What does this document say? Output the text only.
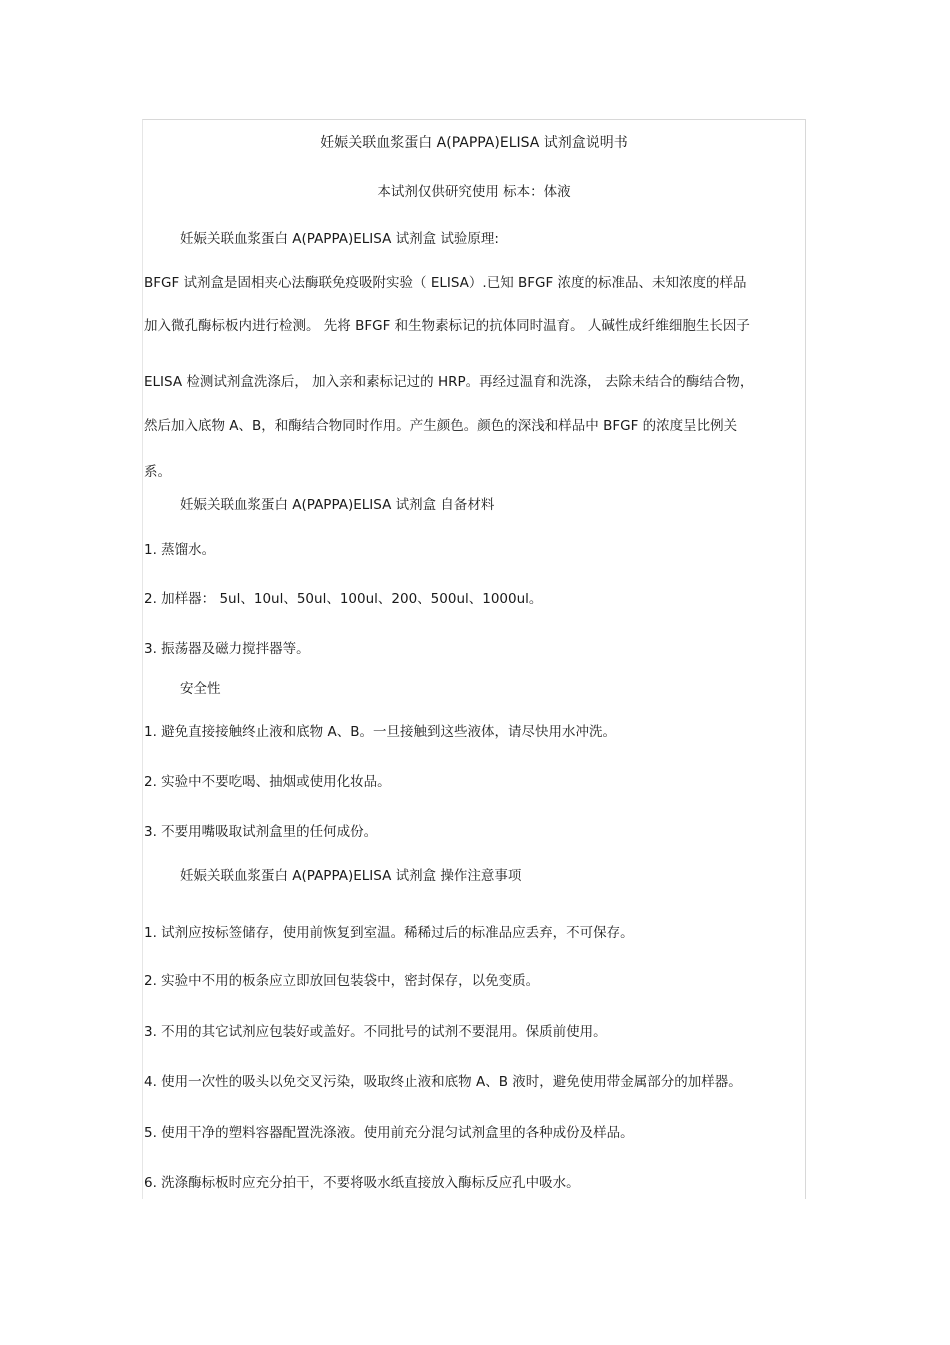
妊娠关联血浆蛋白 A(PAPPA)ELISA 试剂盒说明书
本试剂仅供研究使用 标本：体液
妊娠关联血浆蛋白 A(PAPPA)ELISA 试剂盒 试验原理:
BFGF 试剂盒是固相夹心法酶联免疫吸附实验（ ELISA）.已知 BFGF 浓度的标准品、未知浓度的样品
加入微孔酶标板内进行检测。 先将 BFGF 和生物素标记的抗体同时温育。 人碱性成纤维细胞生长因子
ELISA 检测试剂盒洗涤后， 加入亲和素标记过的 HRP。再经过温育和洗涤， 去除未结合的酶结合物，
然后加入底物 A、B，和酶结合物同时作用。产生颜色。颜色的深浅和样品中 BFGF 的浓度呈比例关
系。
妊娠关联血浆蛋白 A(PAPPA)ELISA 试剂盒 自备材料
1. 蒸馏水。
2. 加样器： 5ul、10ul、50ul、100ul、200、500ul、1000ul。
3. 振荡器及磁力搅拌器等。
安全性
1. 避免直接接触终止液和底物 A、B。一旦接触到这些液体，请尽快用水冲洗。
2. 实验中不要吃喝、抽烟或使用化妆品。
3. 不要用嘴吸取试剂盒里的任何成份。
妊娠关联血浆蛋白 A(PAPPA)ELISA 试剂盒 操作注意事项
1. 试剂应按标签储存，使用前恢复到室温。稀稀过后的标准品应丢弃，不可保存。
2. 实验中不用的板条应立即放回包装袋中，密封保存，以免变质。
3. 不用的其它试剂应包装好或盖好。不同批号的试剂不要混用。保质前使用。
4. 使用一次性的吸头以免交叉污染，吸取终止液和底物 A、B 液时，避免使用带金属部分的加样器。
5. 使用干净的塑料容器配置洗涤液。使用前充分混匀试剂盒里的各种成份及样品。
6. 洗涤酶标板时应充分拍干，不要将吸水纸直接放入酶标反应孔中吸水。
